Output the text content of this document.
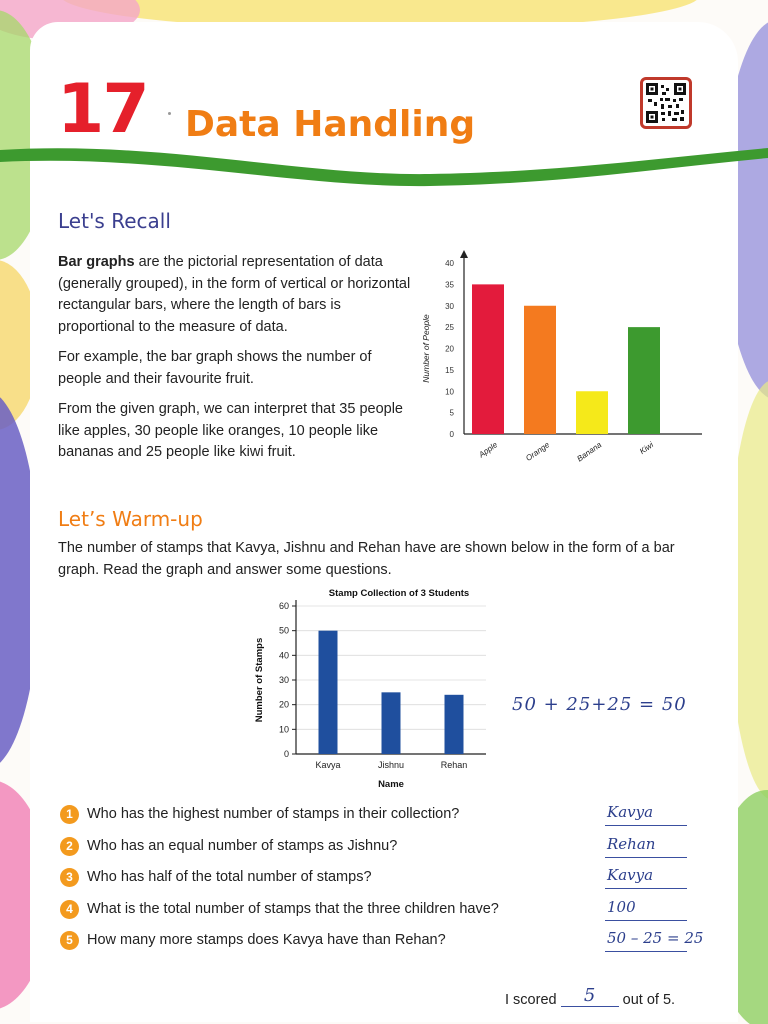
17 Data Handling
Let's Recall

Bar graphs are the pictorial representation of data (generally grouped), in the form of vertical or horizontal rectangular bars, where the length of bars is proportional to the measure of data.

For example, the bar graph shows the number of people and their favourite fruit.

From the given graph, we can interpret that 35 people like apples, 30 people like oranges, 10 people like bananas and 25 people like kiwi fruit.

0
5
10
15
20
25
30
35
40
Number of People
Apple	Orange	Banana	Kiwi
Let’s Warm-up
The number of stamps that Kavya, Jishnu and Rehan have are shown below in the form of a bar graph. Read the graph and answer some questions.
Stamp Collection of 3 Students
0
10
20
30
40
50
60
Number of Stamps
Kavya	Jishnu	Rehan
Name
50 + 25+25 = 50
1 Who has the highest number of stamps in their collection?
2 Who has an equal number of stamps as Jishnu?
3 Who has half of the total number of stamps?
4 What is the total number of stamps that the three children have?
5 How many more stamps does Kavya have than Rehan?
I scored 5 out of 5.
Kavya
Rehan
Kavya
100
50 – 25 = 25
